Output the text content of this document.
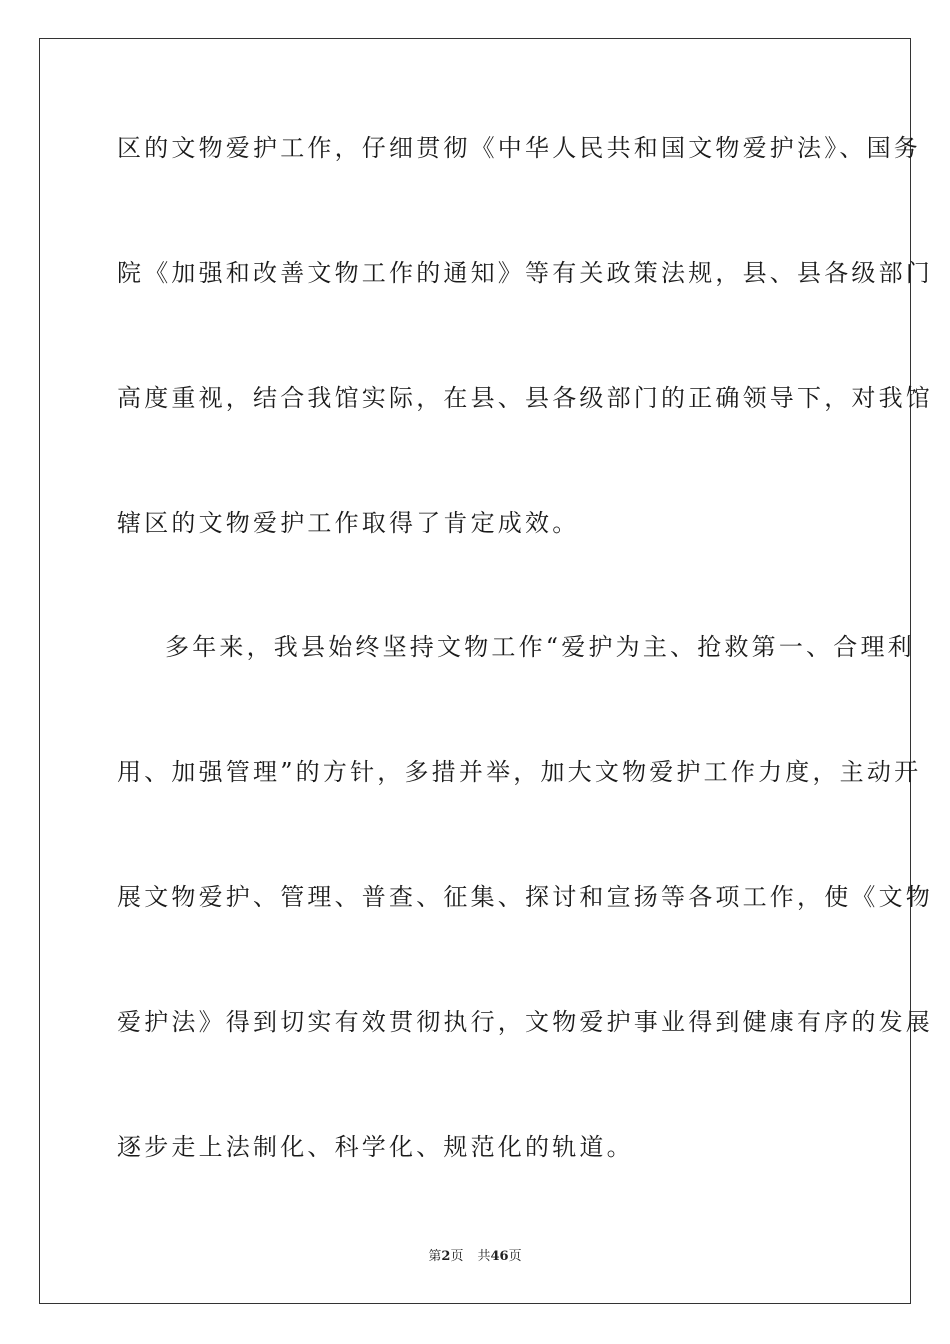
区的文物爱护工作，仔细贯彻《中华人民共和国文物爱护法》、国务
院《加强和改善文物工作的通知》等有关政策法规，县、县各级部门
高度重视，结合我馆实际，在县、县各级部门的正确领导下，对我馆
辖区的文物爱护工作取得了肯定成效。
多年来，我县始终坚持文物工作“爱护为主、抢救第一、合理利
用、加强管理”的方针，多措并举，加大文物爱护工作力度，主动开
展文物爱护、管理、普查、征集、探讨和宣扬等各项工作，使《文物
爱护法》得到切实有效贯彻执行，文物爱护事业得到健康有序的发展
逐步走上法制化、科学化、规范化的轨道。
第2页 共46页
